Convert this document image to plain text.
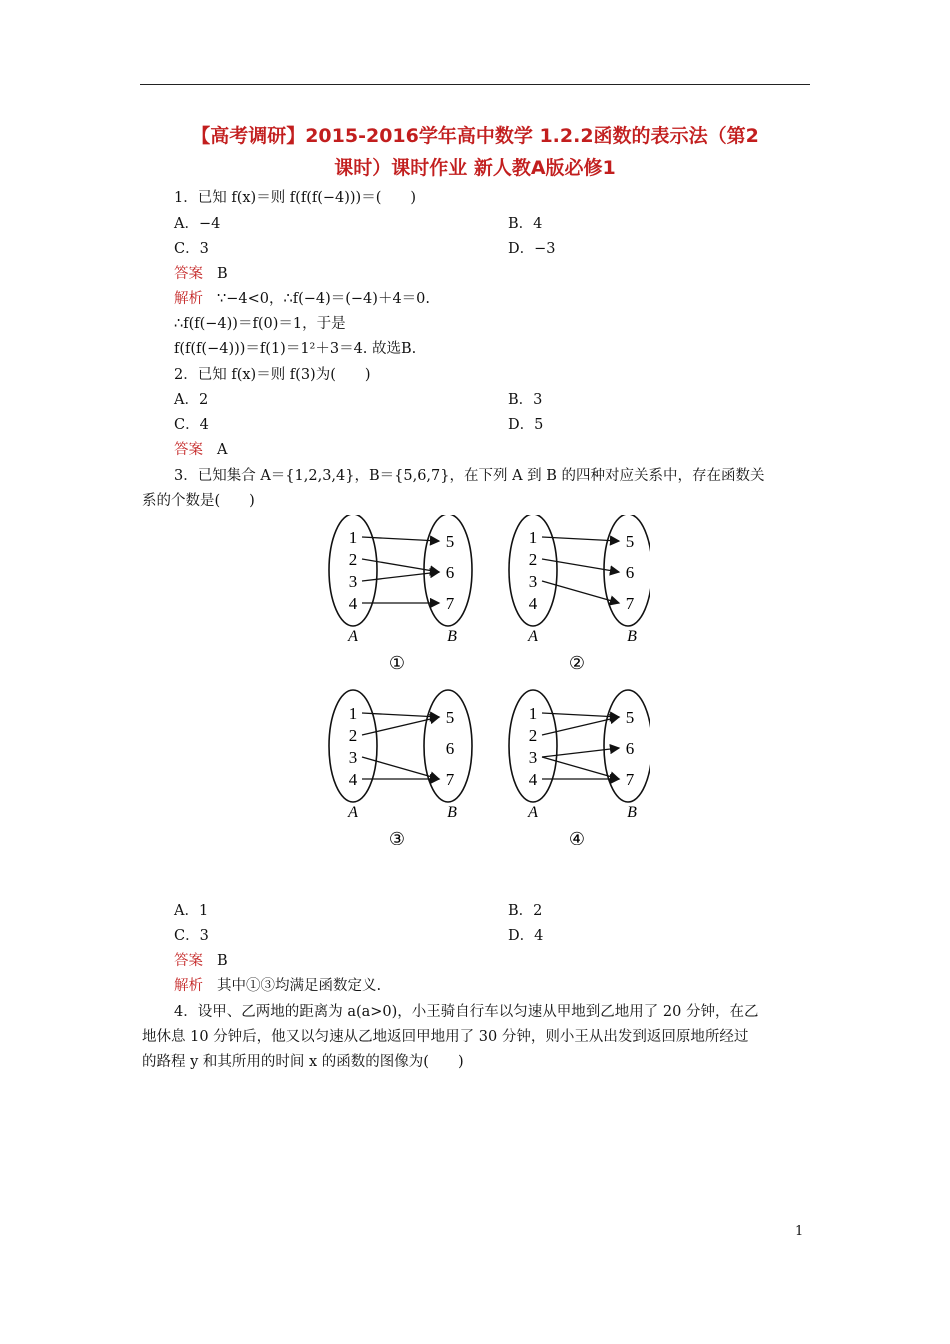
【高考调研】2015-2016学年高中数学 1.2.2函数的表示法（第2
课时）课时作业 新人教A版必修1
1．已知 f(x)＝则 f(f(f(−4)))＝(　　)
A．−4	B．4
C．3	D．−3
答案 B
解析 ∵−4<0，∴f(−4)＝(−4)＋4＝0.
∴f(f(−4))＝f(0)＝1，于是
f(f(f(−4)))＝f(1)＝1²＋3＝4. 故选B.
2．已知 f(x)＝则 f(3)为(　　)
A．2	B．3
C．4	D．5
答案 A
3．已知集合 A＝{1,2,3,4}，B＝{5,6,7}，在下列 A 到 B 的四种对应关系中，存在函数关
系的个数是(　　)
1
2
3
4
5
6
7
A	B
①
1
2
3
4
5
6
7
A	B
②
1
2
3
4
5
6
7
A	B
③
1
2
3
4
5
6
7
A	B
④
A．1	B．2
C．3	D．4
答案 B
解析 其中①③均满足函数定义.
4．设甲、乙两地的距离为 a(a>0)，小王骑自行车以匀速从甲地到乙地用了 20 分钟，在乙
地休息 10 分钟后，他又以匀速从乙地返回甲地用了 30 分钟，则小王从出发到返回原地所经过
的路程 y 和其所用的时间 x 的函数的图像为(　　)
1
